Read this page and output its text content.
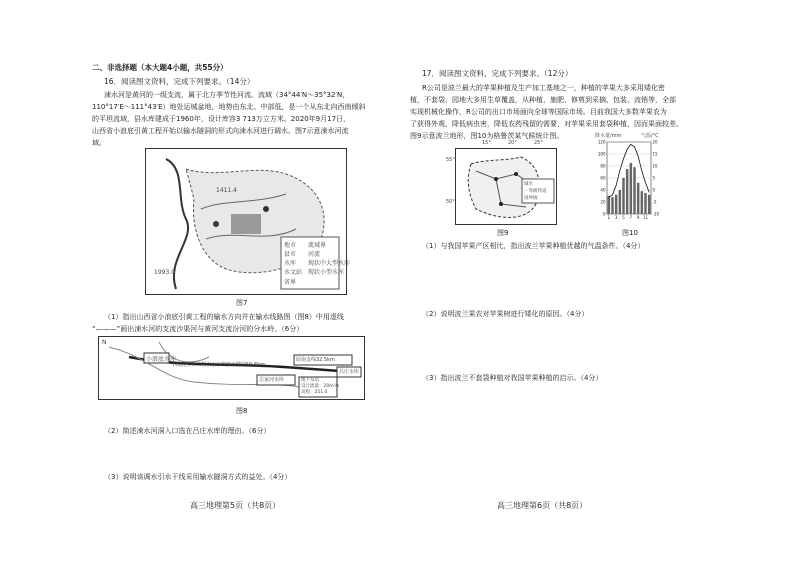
二、非选择题（本大题4小题，共55分）
16．阅读图文资料，完成下列要求。（14分）
涑水河是黄河的一级支流，属于北方季节性河流。流域（34°44′N～35°32′N，
110°17′E～111°43′E）地处运城盆地，地势由东北、中部低，是一个从东北向西南倾斜
的平坦流域，县水库建成于1960年，设计库容3 713万立方米。2020年9月17日，
山西省小浪底引黄工程开始以输水隧洞的形式向涑水河进行调水。图7示意涑水河流
域。
1411.4
1993.0
地市 流域界
县市 河流
水库
水文站
现状中大型水库
现状小型水库
省界
图7
（1）指出山西省小浪底引黄工程的输水方向并在输水线路图（图8）中用虚线
“———”画出涑水河的支流沙渠河与黄河支流汾河的分水岭。（6分）
N
小浪底水库
小浪底引黄工程引水干线输水隧洞59.6km
原南支线32.5km
岳家河水库	地下泵站
设计流量：20m³/s
高程：251.0
吕庄水库
图8
（2）简述涑水河洞入口选在吕庄水库的理由。（6分）
（3）说明该调水引水干线采用输水隧洞方式的益处。（4分）
高三地理第5页（共8页）
17．阅读图文资料，完成下列要求。（12分）
R公司是波兰最大的苹果种植及生产加工基地之一，种植的苹果大多采用矮化密
植，不套袋，园地大多用生草覆盖，从种植、施肥、修剪到采摘、包装、流销等，全部
实现机械化操作，R公司的出口市场面向全球等国际市场。目前我国大多数苹果农为
了获得外观，降低病虫害，降低农药残留的需要，对苹果采用套袋种植，因而果面较差。
图9示意波兰地形，图10为格鲁茨某气候统计图。
15°	20°	25°
55°
50°
城市
一等级铁道
国界线
图9
降水量/mm	气温/°C
120
100
80
60
40
20
0
20
15
10
5
0
-5
-10
1 3 5 7 9 11
图10
（1）与我国苹果产区相比，指出波兰苹果种植优越的气温条件。（4分）
（2）说明波兰果农对苹果树进行矮化的原因。（4分）
（3）指出波兰不套袋种植对我国苹果种植的启示。（4分）
高三地理第6页（共8页）
